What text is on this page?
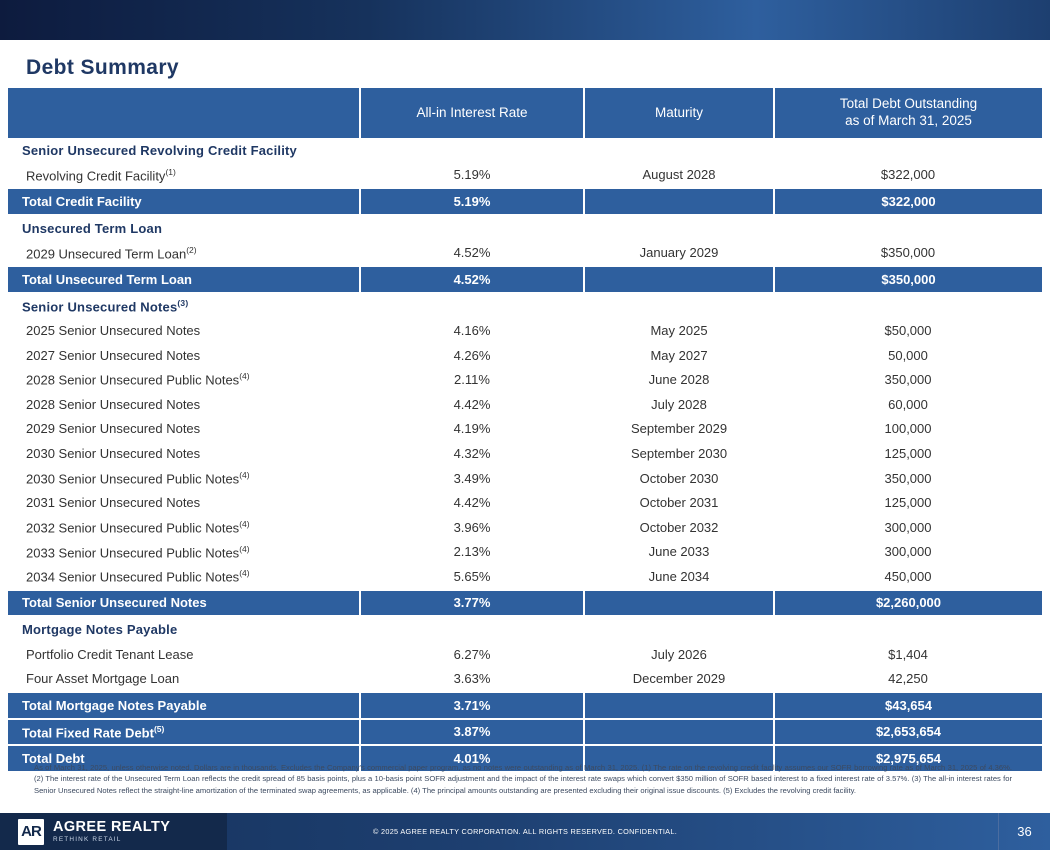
Debt Summary
	All-in Interest Rate	Maturity	Total Debt Outstanding
as of March 31, 2025
Senior Unsecured Revolving Credit Facility			
Revolving Credit Facility$^{(1)}$	5.19%	August 2028	$322,000
Total Credit Facility	5.19%		$322,000
Unsecured Term Loan			
2029 Unsecured Term Loan$^{(2)}$	4.52%	January 2029	$350,000
Total Unsecured Term Loan	4.52%		$350,000
Senior Unsecured Notes$^{(3)}$			
2025 Senior Unsecured Notes	4.16%	May 2025	$50,000
2027 Senior Unsecured Notes	4.26%	May 2027	50,000
2028 Senior Unsecured Public Notes$^{(4)}$	2.11%	June 2028	350,000
2028 Senior Unsecured Notes	4.42%	July 2028	60,000
2029 Senior Unsecured Notes	4.19%	September 2029	100,000
2030 Senior Unsecured Notes	4.32%	September 2030	125,000
2030 Senior Unsecured Public Notes$^{(4)}$	3.49%	October 2030	350,000
2031 Senior Unsecured Notes	4.42%	October 2031	125,000
2032 Senior Unsecured Public Notes$^{(4)}$	3.96%	October 2032	300,000
2033 Senior Unsecured Public Notes$^{(4)}$	2.13%	June 2033	300,000
2034 Senior Unsecured Public Notes$^{(4)}$	5.65%	June 2034	450,000
Total Senior Unsecured Notes	3.77%		$2,260,000
Mortgage Notes Payable			
Portfolio Credit Tenant Lease	6.27%	July 2026	$1,404
Four Asset Mortgage Loan	3.63%	December 2029	42,250
Total Mortgage Notes Payable	3.71%		$43,654
Total Fixed Rate Debt$^{(5)}$	3.87%		$2,653,654
Total Debt	4.01%		$2,975,654
As of March 31, 2025, unless otherwise noted. Dollars are in thousands. Excludes the Company's commercial paper program, as no notes were outstanding as of March 31, 2025. (1) The rate on the revolving credit facility assumes our SOFR borrowing rate as of March 31, 2025 of 4.36%. (2) The interest rate of the Unsecured Term Loan reflects the credit spread of 85 basis points, plus a 10-basis point SOFR adjustment and the impact of the interest rate swaps which convert $350 million of SOFR based interest to a fixed interest rate of 3.57%. (3) The all-in interest rates for Senior Unsecured Notes reflect the straight-line amortization of the terminated swap agreements, as applicable. (4) The principal amounts outstanding are presented excluding their original issue discounts. (5) Excludes the revolving credit facility.
© 2025 AGREE REALTY CORPORATION. ALL RIGHTS RESERVED. CONFIDENTIAL.
AR AGREE REALTY
RETHINK RETAIL
36
